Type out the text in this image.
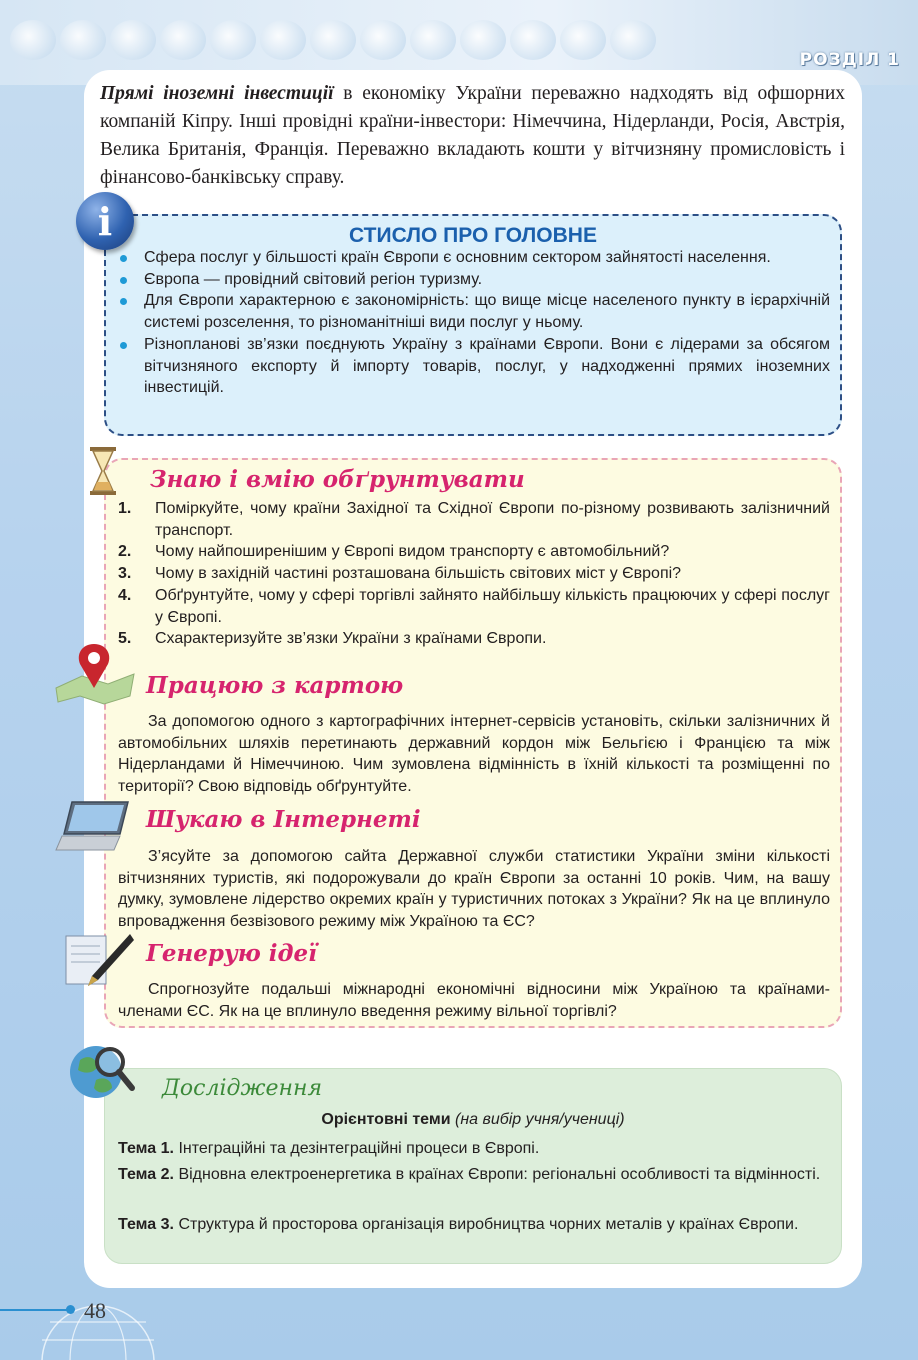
РОЗДІЛ 1

Прямі іноземні інвестиції в економіку України переважно надходять від офшорних компаній Кіпру. Інші провідні країни-інвестори: Німеччина, Нідерланди, Росія, Австрія, Велика Британія, Франція. Переважно вкладають кошти у вітчизняну промисловість і фінансово-банківську справу.

i	СТИСЛО ПРО ГОЛОВНЕ
Сфера послуг у більшості країн Європи є основним сектором зайнятості населення.
Європа — провідний світовий регіон туризму.
Для Європи характерною є закономірність: що вище місце населеного пункту в ієрархічній системі розселення, то різноманітніші види послуг у ньому.
Різнопланові зв’язки поєднують Україну з країнами Європи. Вони є лідерами за обсягом вітчизняного експорту й імпорту товарів, послуг, у надходженні прямих іноземних інвестицій.
Знаю і вмію обґрунтувати
1. Поміркуйте, чому країни Західної та Східної Європи по-різному розвивають залізничний транспорт.
2. Чому найпоширенішим у Європі видом транспорту є автомобільний?
3. Чому в західній частині розташована більшість світових міст у Європі?
4. Обґрунтуйте, чому у сфері торгівлі зайнято найбільшу кількість працюючих у сфері послуг у Європі.
5. Схарактеризуйте зв’язки України з країнами Європи.
Працюю з картою

За допомогою одного з картографічних інтернет-сервісів установіть, скільки залізничних й автомобільних шляхів перетинають державний кордон між Бельгією і Францією та між Нідерландами й Німеччиною. Чим зумовлена відмінність в їхній кількості та розміщенні по території? Свою відповідь обґрунтуйте.

Шукаю в Інтернеті

З’ясуйте за допомогою сайта Державної служби статистики України зміни кількості вітчизняних туристів, які подорожували до країн Європи за останні 10 років. Чим, на вашу думку, зумовлене лідерство окремих країн у туристичних потоках з України? Як на це вплинуло впровадження безвізового режиму між Україною та ЄС?

Генерую ідеї

Спрогнозуйте подальші міжнародні економічні відносини між Україною та країнами-членами ЄС. Як на це вплинуло введення режиму вільної торгівлі?

Дослідження
Орієнтовні теми (на вибір учня/учениці)

Тема 1. Інтеграційні та дезінтеграційні процеси в Європі.

Тема 2. Відновна електроенергетика в країнах Європи: регіональні особливості та відмінності.

Тема 3. Структура й просторова організація виробництва чорних металів у країнах Європи.

48
